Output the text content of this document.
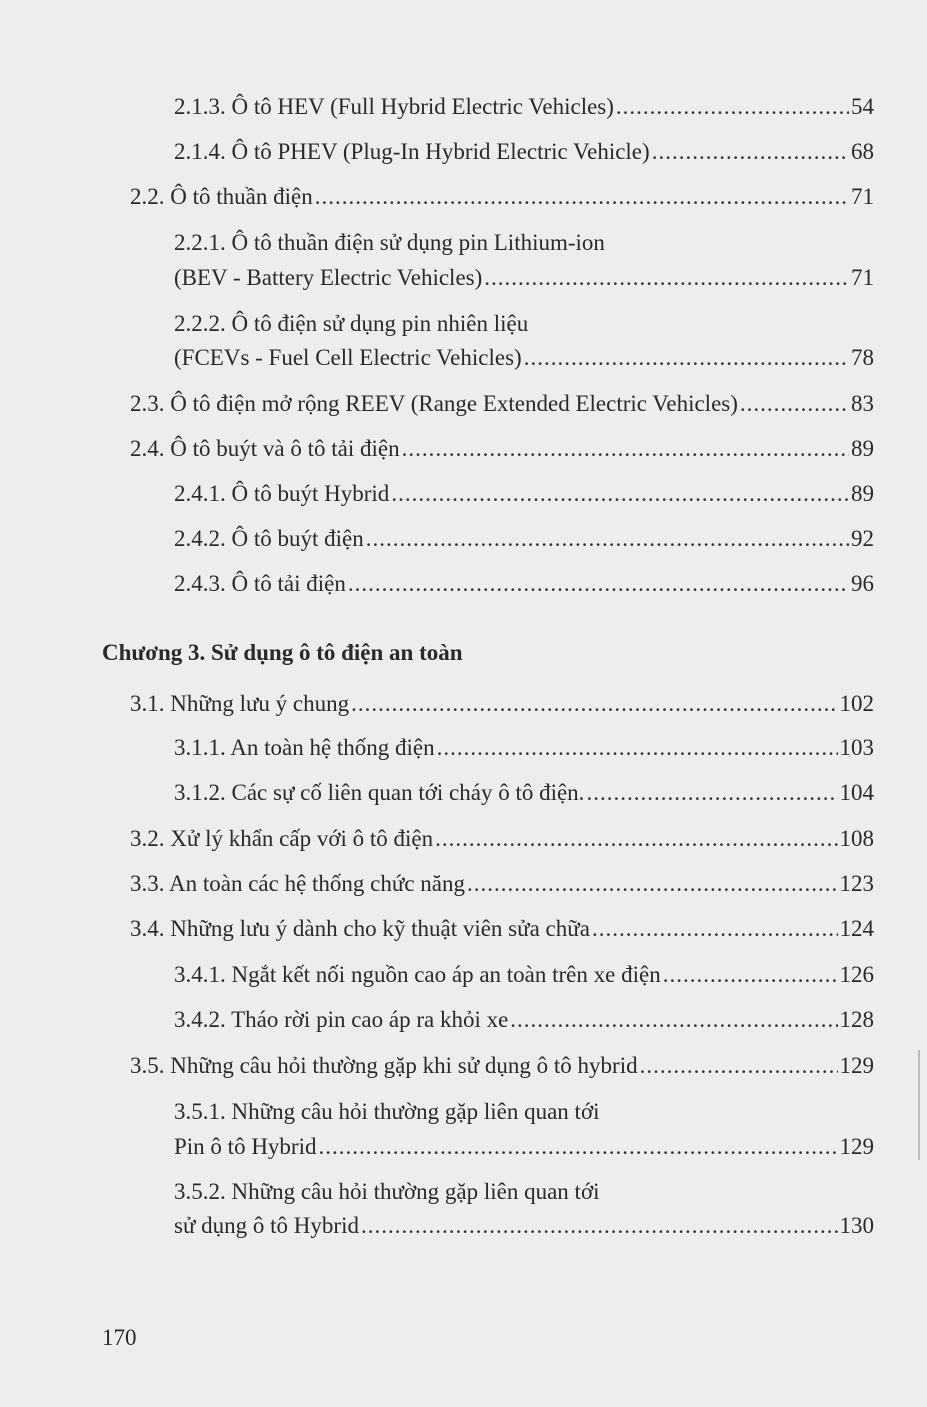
2.1.3. Ô tô HEV (Full Hybrid Electric Vehicles) .....	54
2.1.4. Ô tô PHEV (Plug-In Hybrid Electric Vehicle) .....	68
2.2. Ô tô thuần điện .....	71
2.2.1. Ô tô thuần điện sử dụng pin Lithium-ion
(BEV - Battery Electric Vehicles) .....	71
2.2.2. Ô tô điện sử dụng pin nhiên liệu
(FCEVs - Fuel Cell Electric Vehicles) .....	78
2.3. Ô tô điện mở rộng REEV (Range Extended Electric Vehicles) .....	83
2.4. Ô tô buýt và ô tô tải điện .....	89
2.4.1. Ô tô buýt Hybrid .....	89
2.4.2. Ô tô buýt điện .....	92
2.4.3. Ô tô tải điện .....	96
Chương 3. Sử dụng ô tô điện an toàn
3.1. Những lưu ý chung .....	102
3.1.1. An toàn hệ thống điện .....	103
3.1.2. Các sự cố liên quan tới cháy ô tô điện. .....	104
3.2. Xử lý khẩn cấp với ô tô điện .....	108
3.3. An toàn các hệ thống chức năng .....	123
3.4. Những lưu ý dành cho kỹ thuật viên sửa chữa .....	124
3.4.1. Ngắt kết nối nguồn cao áp an toàn trên xe điện .....	126
3.4.2. Tháo rời pin cao áp ra khỏi xe .....	128
3.5. Những câu hỏi thường gặp khi sử dụng ô tô hybrid .....	129
3.5.1. Những câu hỏi thường gặp liên quan tới
Pin ô tô Hybrid .....	129
3.5.2. Những câu hỏi thường gặp liên quan tới
sử dụng ô tô Hybrid .....	130
170
